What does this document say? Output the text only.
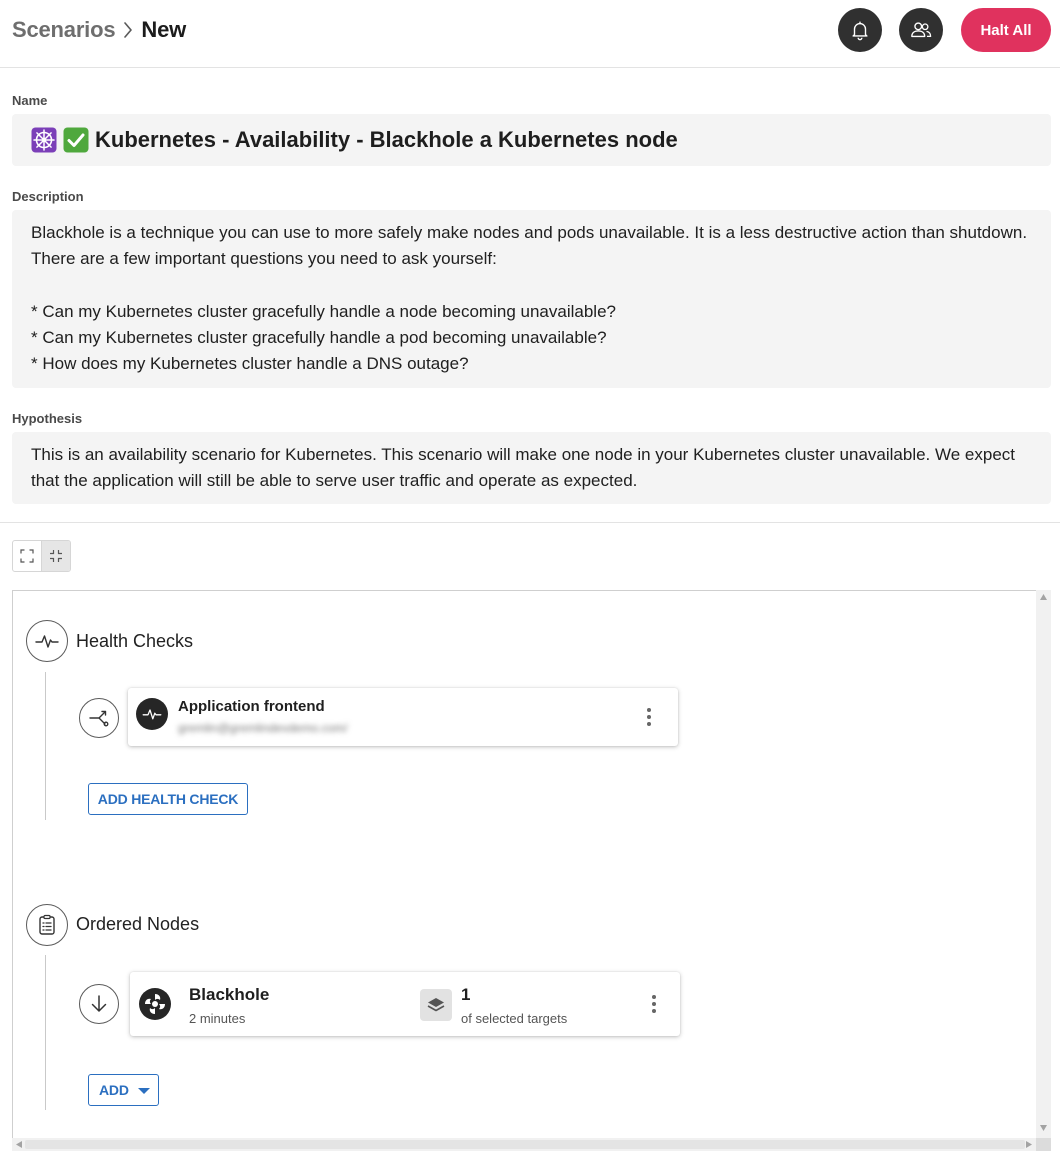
Scenarios New	Halt All
Name
Kubernetes - Availability - Blackhole a Kubernetes node
Description
Blackhole is a technique you can use to more safely make nodes and pods unavailable. It is a less destructive action than shutdown. There are a few important questions you need to ask yourself:

* Can my Kubernetes cluster gracefully handle a node becoming unavailable?
* Can my Kubernetes cluster gracefully handle a pod becoming unavailable?
* How does my Kubernetes cluster handle a DNS outage?
Hypothesis
This is an availability scenario for Kubernetes. This scenario will make one node in your Kubernetes cluster unavailable. We expect that the application will still be able to serve user traffic and operate as expected.
Health Checks
Application frontend
gremlin@gremlindevdemo.com/
ADD HEALTH CHECK
Ordered Nodes
Blackhole
2 minutes
1
of selected targets
ADD
